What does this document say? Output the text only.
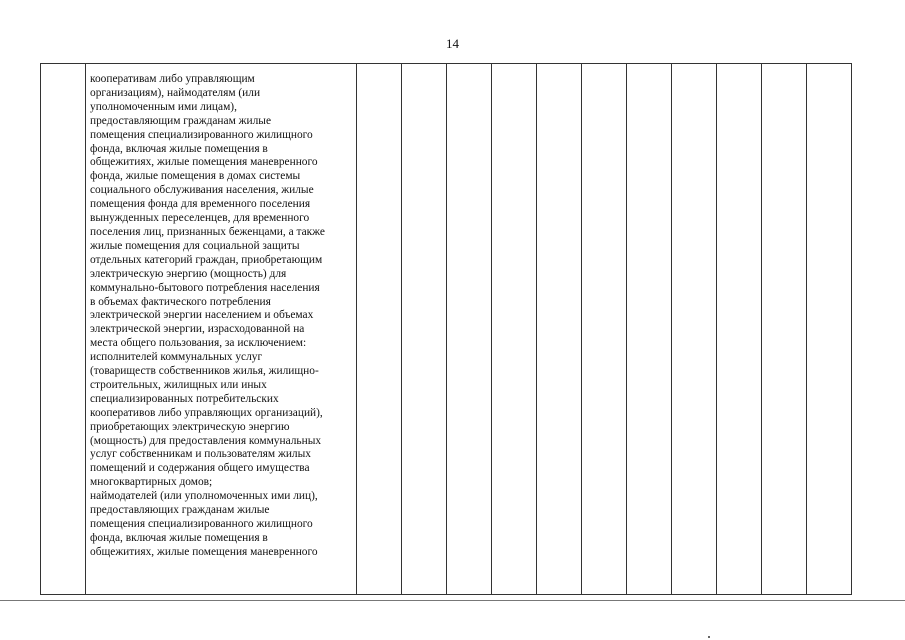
14

кооперативам либо управляющим
организациям), наймодателям (или
уполномоченным ими лицам),
предоставляющим гражданам жилые
помещения специализированного жилищного
фонда, включая жилые помещения в
общежитиях, жилые помещения маневренного
фонда, жилые помещения в домах системы
социального обслуживания населения, жилые
помещения фонда для временного поселения
вынужденных переселенцев, для временного
поселения лиц, признанных беженцами, а также
жилые помещения для социальной защиты
отдельных категорий граждан, приобретающим
электрическую энергию (мощность) для
коммунально-бытового потребления населения
в объемах фактического потребления
электрической энергии населением и объемах
электрической энергии, израсходованной на
места общего пользования, за исключением:
исполнителей коммунальных услуг
(товариществ собственников жилья, жилищно-
строительных, жилищных или иных
специализированных потребительских
кооперативов либо управляющих организаций),
приобретающих электрическую энергию
(мощность) для предоставления коммунальных
услуг собственникам и пользователям жилых
помещений и содержания общего имущества
многоквартирных домов;
наймодателей (или уполномоченных ими лиц),
предоставляющих гражданам жилые
помещения специализированного жилищного
фонда, включая жилые помещения в
общежитиях, жилые помещения маневренного
